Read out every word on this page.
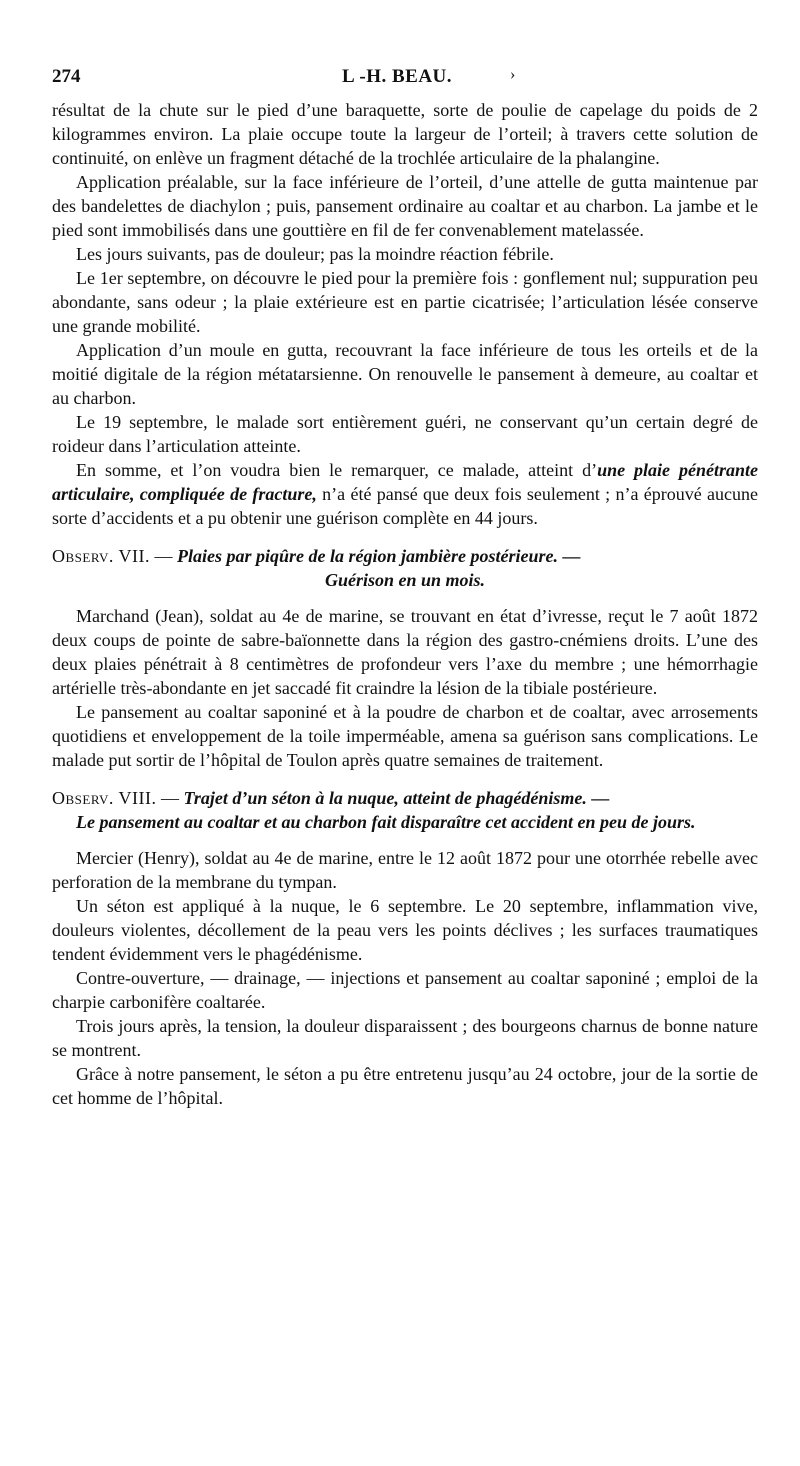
274	L -H. BEAU.	›

résultat de la chute sur le pied d’une baraquette, sorte de poulie de capelage du poids de 2 kilogrammes environ. La plaie occupe toute la largeur de l’orteil; à travers cette solution de continuité, on enlève un fragment détaché de la trochlée articulaire de la phalangine.

Application préalable, sur la face inférieure de l’orteil, d’une attelle de gutta maintenue par des bandelettes de diachylon ; puis, pansement ordinaire au coaltar et au charbon. La jambe et le pied sont immobilisés dans une gouttière en fil de fer convenablement matelassée.

Les jours suivants, pas de douleur; pas la moindre réaction fébrile.

Le 1er septembre, on découvre le pied pour la première fois : gonflement nul; suppuration peu abondante, sans odeur ; la plaie extérieure est en partie cicatrisée; l’articulation lésée conserve une grande mobilité.

Application d’un moule en gutta, recouvrant la face inférieure de tous les orteils et de la moitié digitale de la région métatarsienne. On renouvelle le pansement à demeure, au coaltar et au charbon.

Le 19 septembre, le malade sort entièrement guéri, ne conservant qu’un certain degré de roideur dans l’articulation atteinte.

En somme, et l’on voudra bien le remarquer, ce malade, atteint d’une plaie pénétrante articulaire, compliquée de fracture, n’a été pansé que deux fois seulement ; n’a éprouvé aucune sorte d’accidents et a pu obtenir une guérison complète en 44 jours.

Observ. VII. — Plaies par piqûre de la région jambière postérieure. —
Guérison en un mois.

Marchand (Jean), soldat au 4e de marine, se trouvant en état d’ivresse, reçut le 7 août 1872 deux coups de pointe de sabre-baïonnette dans la région des gastro-cnémiens droits. L’une des deux plaies pénétrait à 8 centimètres de profondeur vers l’axe du membre ; une hémorrhagie artérielle très-abondante en jet saccadé fit craindre la lésion de la tibiale postérieure.

Le pansement au coaltar saponiné et à la poudre de charbon et de coaltar, avec arrosements quotidiens et enveloppement de la toile imperméable, amena sa guérison sans complications. Le malade put sortir de l’hôpital de Toulon après quatre semaines de traitement.

Observ. VIII. — Trajet d’un séton à la nuque, atteint de phagédénisme. —
Le pansement au coaltar et au charbon fait disparaître cet accident en peu de jours.

Mercier (Henry), soldat au 4e de marine, entre le 12 août 1872 pour une otorrhée rebelle avec perforation de la membrane du tympan.

Un séton est appliqué à la nuque, le 6 septembre. Le 20 septembre, inflammation vive, douleurs violentes, décollement de la peau vers les points déclives ; les surfaces traumatiques tendent évidemment vers le phagédénisme.

Contre-ouverture, — drainage, — injections et pansement au coaltar saponiné ; emploi de la charpie carbonifère coaltarée.

Trois jours après, la tension, la douleur disparaissent ; des bourgeons charnus de bonne nature se montrent.

Grâce à notre pansement, le séton a pu être entretenu jusqu’au 24 octobre, jour de la sortie de cet homme de l’hôpital.
